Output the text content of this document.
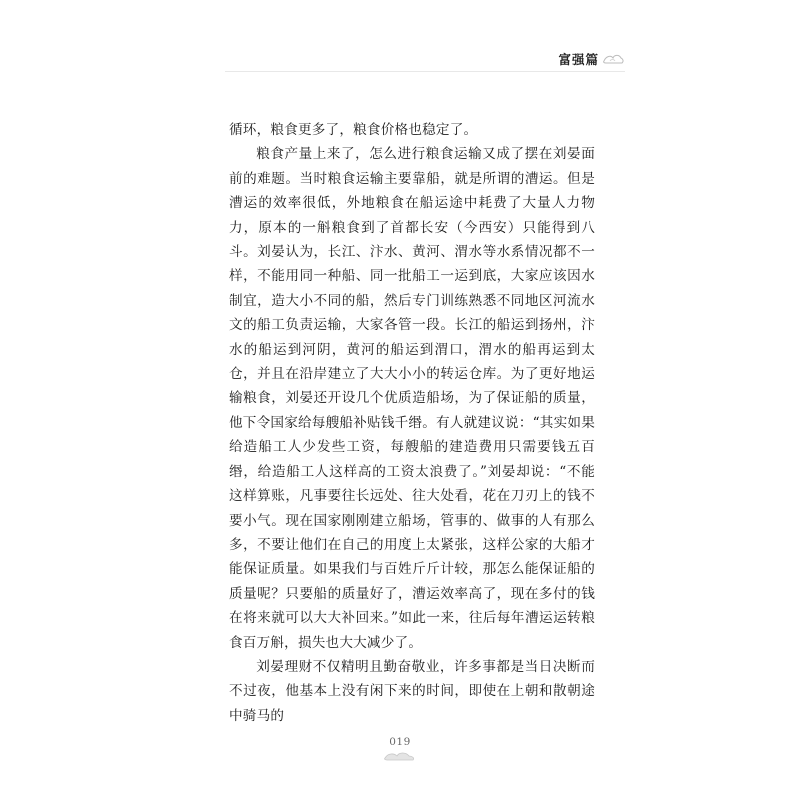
富强篇

循环，粮食更多了，粮食价格也稳定了。

粮食产量上来了，怎么进行粮食运输又成了摆在刘晏面前的难题。当时粮食运输主要靠船，就是所谓的漕运。但是漕运的效率很低，外地粮食在船运途中耗费了大量人力物力，原本的一斛粮食到了首都长安（今西安）只能得到八斗。刘晏认为，长江、汴水、黄河、渭水等水系情况都不一样，不能用同一种船、同一批船工一运到底，大家应该因水制宜，造大小不同的船，然后专门训练熟悉不同地区河流水文的船工负责运输，大家各管一段。长江的船运到扬州，汴水的船运到河阴，黄河的船运到渭口，渭水的船再运到太仓，并且在沿岸建立了大大小小的转运仓库。为了更好地运输粮食，刘晏还开设几个优质造船场，为了保证船的质量，他下令国家给每艘船补贴钱千缗。有人就建议说：“其实如果给造船工人少发些工资，每艘船的建造费用只需要钱五百缗，给造船工人这样高的工资太浪费了。”刘晏却说：“不能这样算账，凡事要往长远处、往大处看，花在刀刃上的钱不要小气。现在国家刚刚建立船场，管事的、做事的人有那么多，不要让他们在自己的用度上太紧张，这样公家的大船才能保证质量。如果我们与百姓斤斤计较，那怎么能保证船的质量呢？只要船的质量好了，漕运效率高了，现在多付的钱在将来就可以大大补回来。”如此一来，往后每年漕运运转粮食百万斛，损失也大大减少了。

刘晏理财不仅精明且勤奋敬业，许多事都是当日决断而不过夜，他基本上没有闲下来的时间，即使在上朝和散朝途中骑马的

019
